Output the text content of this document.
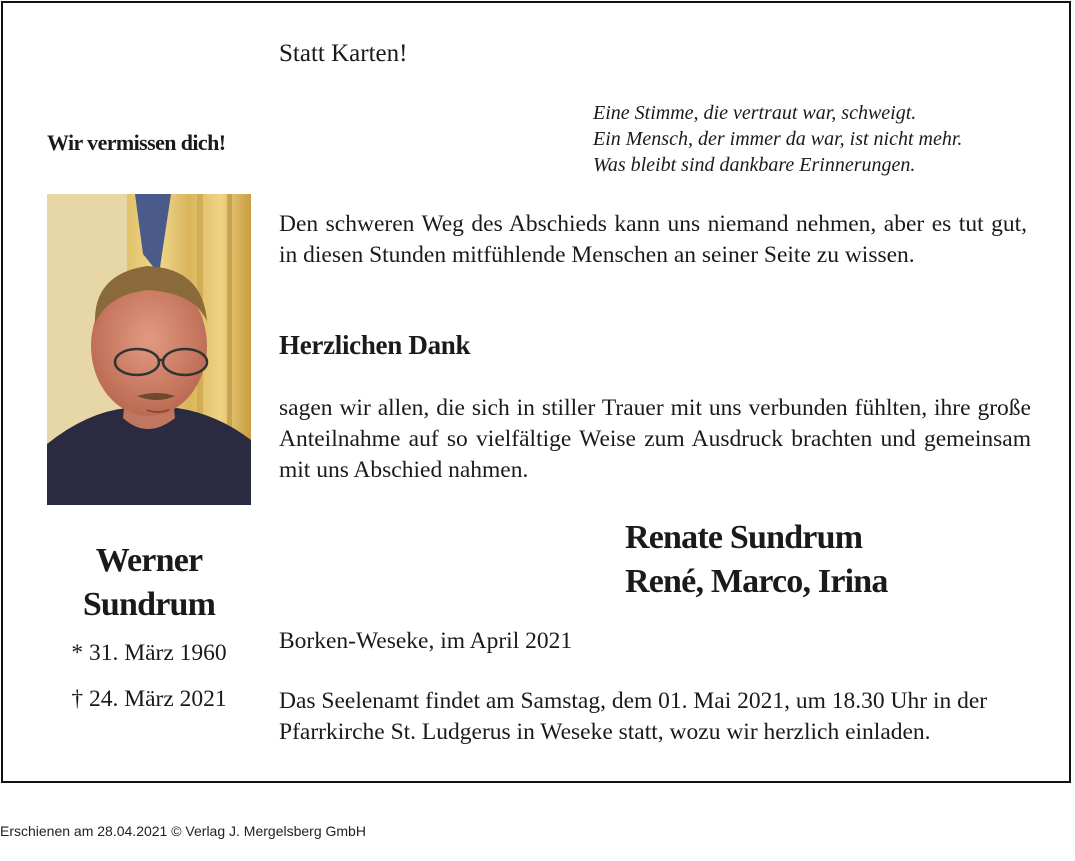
Statt Karten!
Eine Stimme, die vertraut war, schweigt.
Ein Mensch, der immer da war, ist nicht mehr.
Was bleibt sind dankbare Erinnerungen.
Wir vermissen dich!
Den schweren Weg des Abschieds kann uns niemand nehmen, aber es tut gut, in diesen Stunden mitfühlende Menschen an seiner Seite zu wissen.
Herzlichen Dank
sagen wir allen, die sich in stiller Trauer mit uns verbunden fühlten, ihre große Anteilnahme auf so vielfältige Weise zum Ausdruck brachten und gemeinsam mit uns Abschied nahmen.
Werner
Sundrum
* 31. März 1960
† 24. März 2021
Renate Sundrum
René, Marco, Irina
Borken-Weseke, im April 2021
Das Seelenamt findet am Samstag, dem 01. Mai 2021, um 18.30 Uhr in der Pfarrkirche St. Ludgerus in Weseke statt, wozu wir herzlich einladen.
Erschienen am 28.04.2021 © Verlag J. Mergelsberg GmbH
